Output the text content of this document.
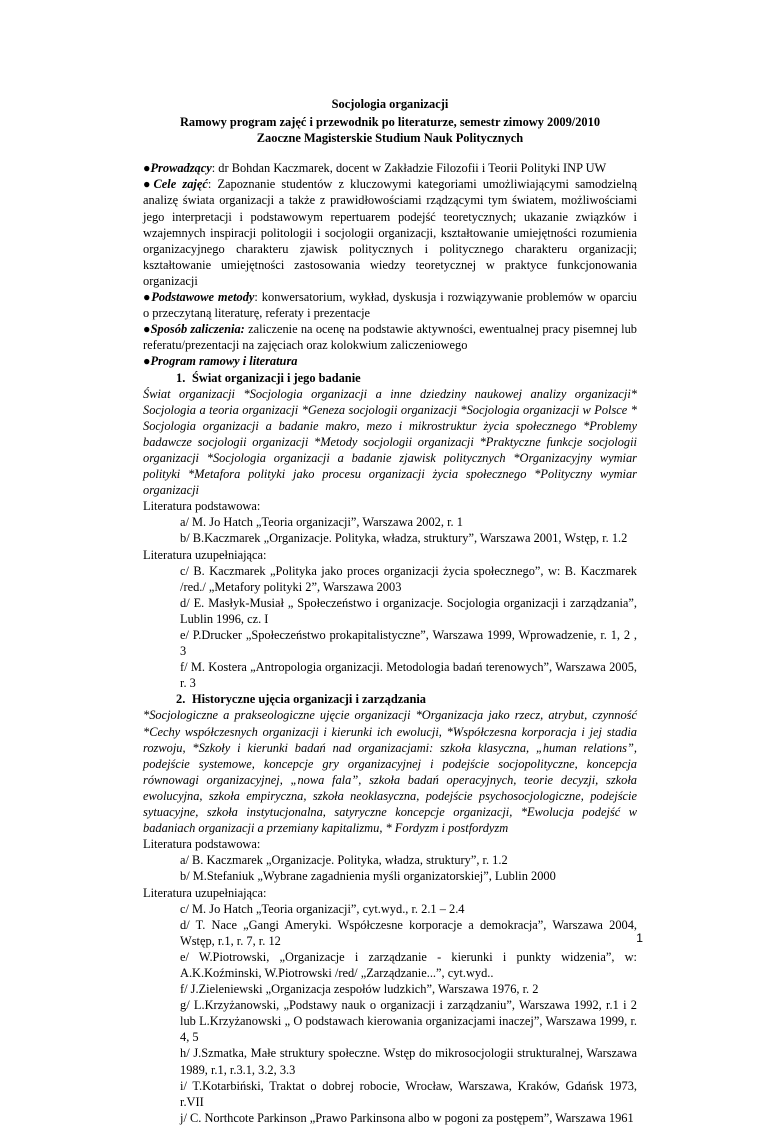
Socjologia organizacji
Ramowy program zajęć i przewodnik po literaturze, semestr zimowy 2009/2010
Zaoczne Magisterskie Studium Nauk Politycznych

●Prowadzący: dr Bohdan Kaczmarek, docent w Zakładzie Filozofii i Teorii Polityki INP UW

●Cele zajęć: Zapoznanie studentów z kluczowymi kategoriami umożliwiającymi samodzielną analizę świata organizacji a także z prawidłowościami rządzącymi tym światem, możliwościami jego interpretacji i podstawowym repertuarem podejść teoretycznych; ukazanie związków i wzajemnych inspiracji politologii i socjologii organizacji, kształtowanie umiejętności rozumienia organizacyjnego charakteru zjawisk politycznych i politycznego charakteru organizacji; kształtowanie umiejętności zastosowania wiedzy teoretycznej w praktyce funkcjonowania organizacji

●Podstawowe metody: konwersatorium, wykład, dyskusja i rozwiązywanie problemów w oparciu o przeczytaną literaturę, referaty i prezentacje

●Sposób zaliczenia: zaliczenie na ocenę na podstawie aktywności, ewentualnej pracy pisemnej lub referatu/prezentacji na zajęciach oraz kolokwium zaliczeniowego

●Program ramowy i literatura

1. Świat organizacji i jego badanie

Świat organizacji *Socjologia organizacji a inne dziedziny naukowej analizy organizacji* Socjologia a teoria organizacji *Geneza socjologii organizacji *Socjologia organizacji w Polsce * Socjologia organizacji a badanie makro, mezo i mikrostruktur życia społecznego *Problemy badawcze socjologii organizacji *Metody socjologii organizacji *Praktyczne funkcje socjologii organizacji *Socjologia organizacji a badanie zjawisk politycznych *Organizacyjny wymiar polityki *Metafora polityki jako procesu organizacji życia społecznego *Polityczny wymiar organizacji

Literatura podstawowa:

a/ M. Jo Hatch „Teoria organizacji”, Warszawa 2002, r. 1

b/ B.Kaczmarek „Organizacje. Polityka, władza, struktury”, Warszawa 2001, Wstęp, r. 1.2

Literatura uzupełniająca:

c/ B. Kaczmarek „Polityka jako proces organizacji życia społecznego”, w: B. Kaczmarek /red./ „Metafory polityki 2”, Warszawa 2003

d/ E. Masłyk-Musiał „ Społeczeństwo i organizacje. Socjologia organizacji i zarządzania”, Lublin 1996, cz. I

e/ P.Drucker „Społeczeństwo prokapitalistyczne”, Warszawa 1999, Wprowadzenie, r. 1, 2 , 3

f/ M. Kostera „Antropologia organizacji. Metodologia badań terenowych”, Warszawa 2005, r. 3

2. Historyczne ujęcia organizacji i zarządzania

*Socjologiczne a prakseologiczne ujęcie organizacji *Organizacja jako rzecz, atrybut, czynność *Cechy współczesnych organizacji i kierunki ich ewolucji, *Współczesna korporacja i jej stadia rozwoju, *Szkoły i kierunki badań nad organizacjami: szkoła klasyczna, „human relations”, podejście systemowe, koncepcje gry organizacyjnej i podejście socjopolityczne, koncepcja równowagi organizacyjnej, „nowa fala”, szkoła badań operacyjnych, teorie decyzji, szkoła ewolucyjna, szkoła empiryczna, szkoła neoklasyczna, podejście psychosocjologiczne, podejście sytuacyjne, szkoła instytucjonalna, satyryczne koncepcje organizacji, *Ewolucja podejść w badaniach organizacji a przemiany kapitalizmu, * Fordyzm i postfordyzm

Literatura podstawowa:

a/ B. Kaczmarek „Organizacje. Polityka, władza, struktury”, r. 1.2

b/ M.Stefaniuk „Wybrane zagadnienia myśli organizatorskiej”, Lublin 2000

Literatura uzupełniająca:

c/ M. Jo Hatch „Teoria organizacji”, cyt.wyd., r. 2.1 – 2.4

d/ T. Nace „Gangi Ameryki. Współczesne korporacje a demokracja”, Warszawa 2004, Wstęp, r.1, r. 7, r. 12

e/ W.Piotrowski, „Organizacje i zarządzanie - kierunki i punkty widzenia”, w: A.K.Koźminski, W.Piotrowski /red/ „Zarządzanie...”, cyt.wyd..

f/ J.Zieleniewski „Organizacja zespołów ludzkich”, Warszawa 1976, r. 2

g/ L.Krzyżanowski, „Podstawy nauk o organizacji i zarządzaniu”, Warszawa 1992, r.1 i 2 lub L.Krzyżanowski „ O podstawach kierowania organizacjami inaczej”, Warszawa 1999, r. 4, 5

h/ J.Szmatka, Małe struktury społeczne. Wstęp do mikrosocjologii strukturalnej, Warszawa 1989, r.1, r.3.1, 3.2, 3.3

i/ T.Kotarbiński, Traktat o dobrej robocie, Wrocław, Warszawa, Kraków, Gdańsk 1973, r.VII

j/ C. Northcote Parkinson „Prawo Parkinsona albo w pogoni za postępem”, Warszawa 1961

1
